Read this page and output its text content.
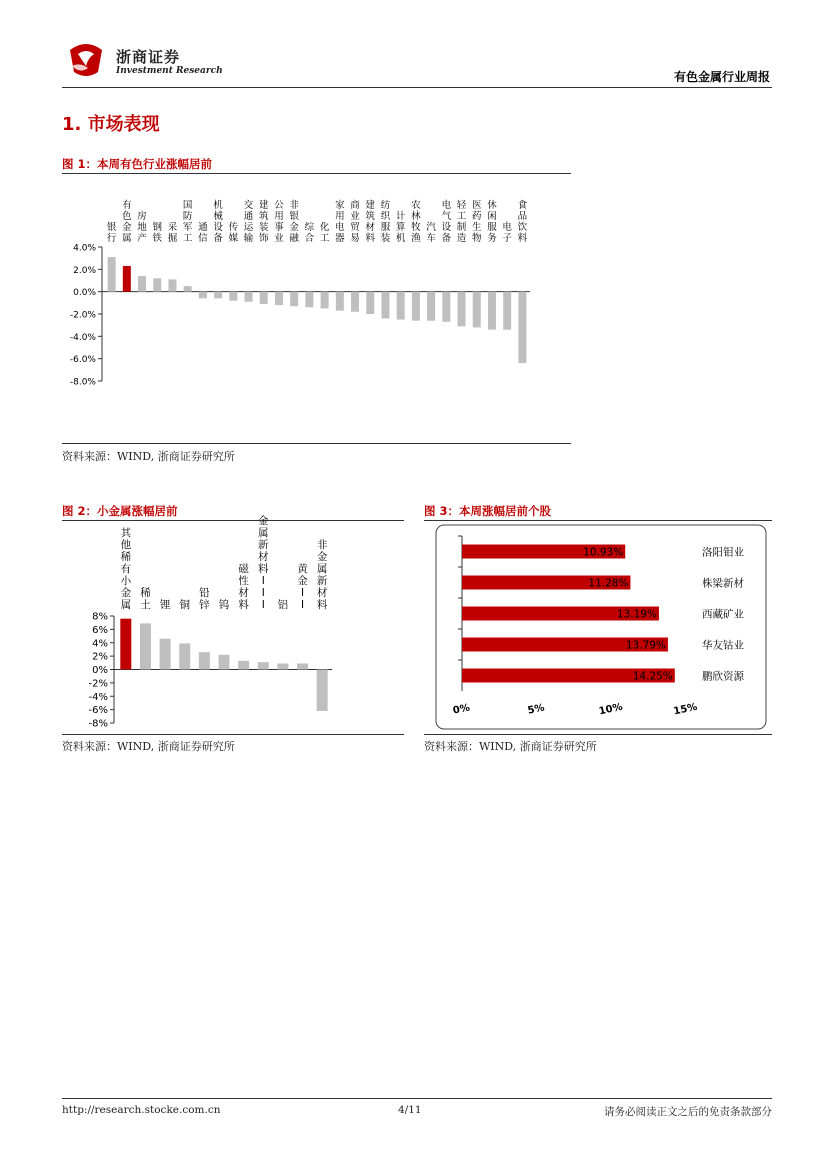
浙商证券
Investment Research	有色金属行业周报
1. 市场表现
图 1：本周有色行业涨幅居前
4.0%
2.0%
0.0%
-2.0%
-4.0%
-6.0%
-8.0%
银行
有色金属
房地产
钢铁
采掘
国防军工
通信
机械设备
传媒
交通运输
建筑装饰
公用事业
非银金融
综合
化工
家用电器
商业贸易
建筑材料
纺织服装
计算机
农林牧渔
汽车
电气设备
轻工制造
医药生物
休闲服务
电子
食品饮料
资料来源：WIND, 浙商证券研究所
图 2：小金属涨幅居前
8%
6%
4%
2%
0%
-2%
-4%
-6%
-8%
其他稀有小金属
稀土 锂 铜
铅锌 钨
磁性材料
金属新材料 I I I	铝
黄金 I I
非金属新材料
资料来源：WIND, 浙商证券研究所
图 3：本周涨幅居前个股
10.93%	洛阳钼业
11.28%	株梁新材
13.19%	西藏矿业
13.79%	华友钴业
14.25%	鹏欣资源
0%	5%	10%	15%
资料来源：WIND, 浙商证券研究所
http://research.stocke.com.cn	4/11	请务必阅读正文之后的免责条款部分
